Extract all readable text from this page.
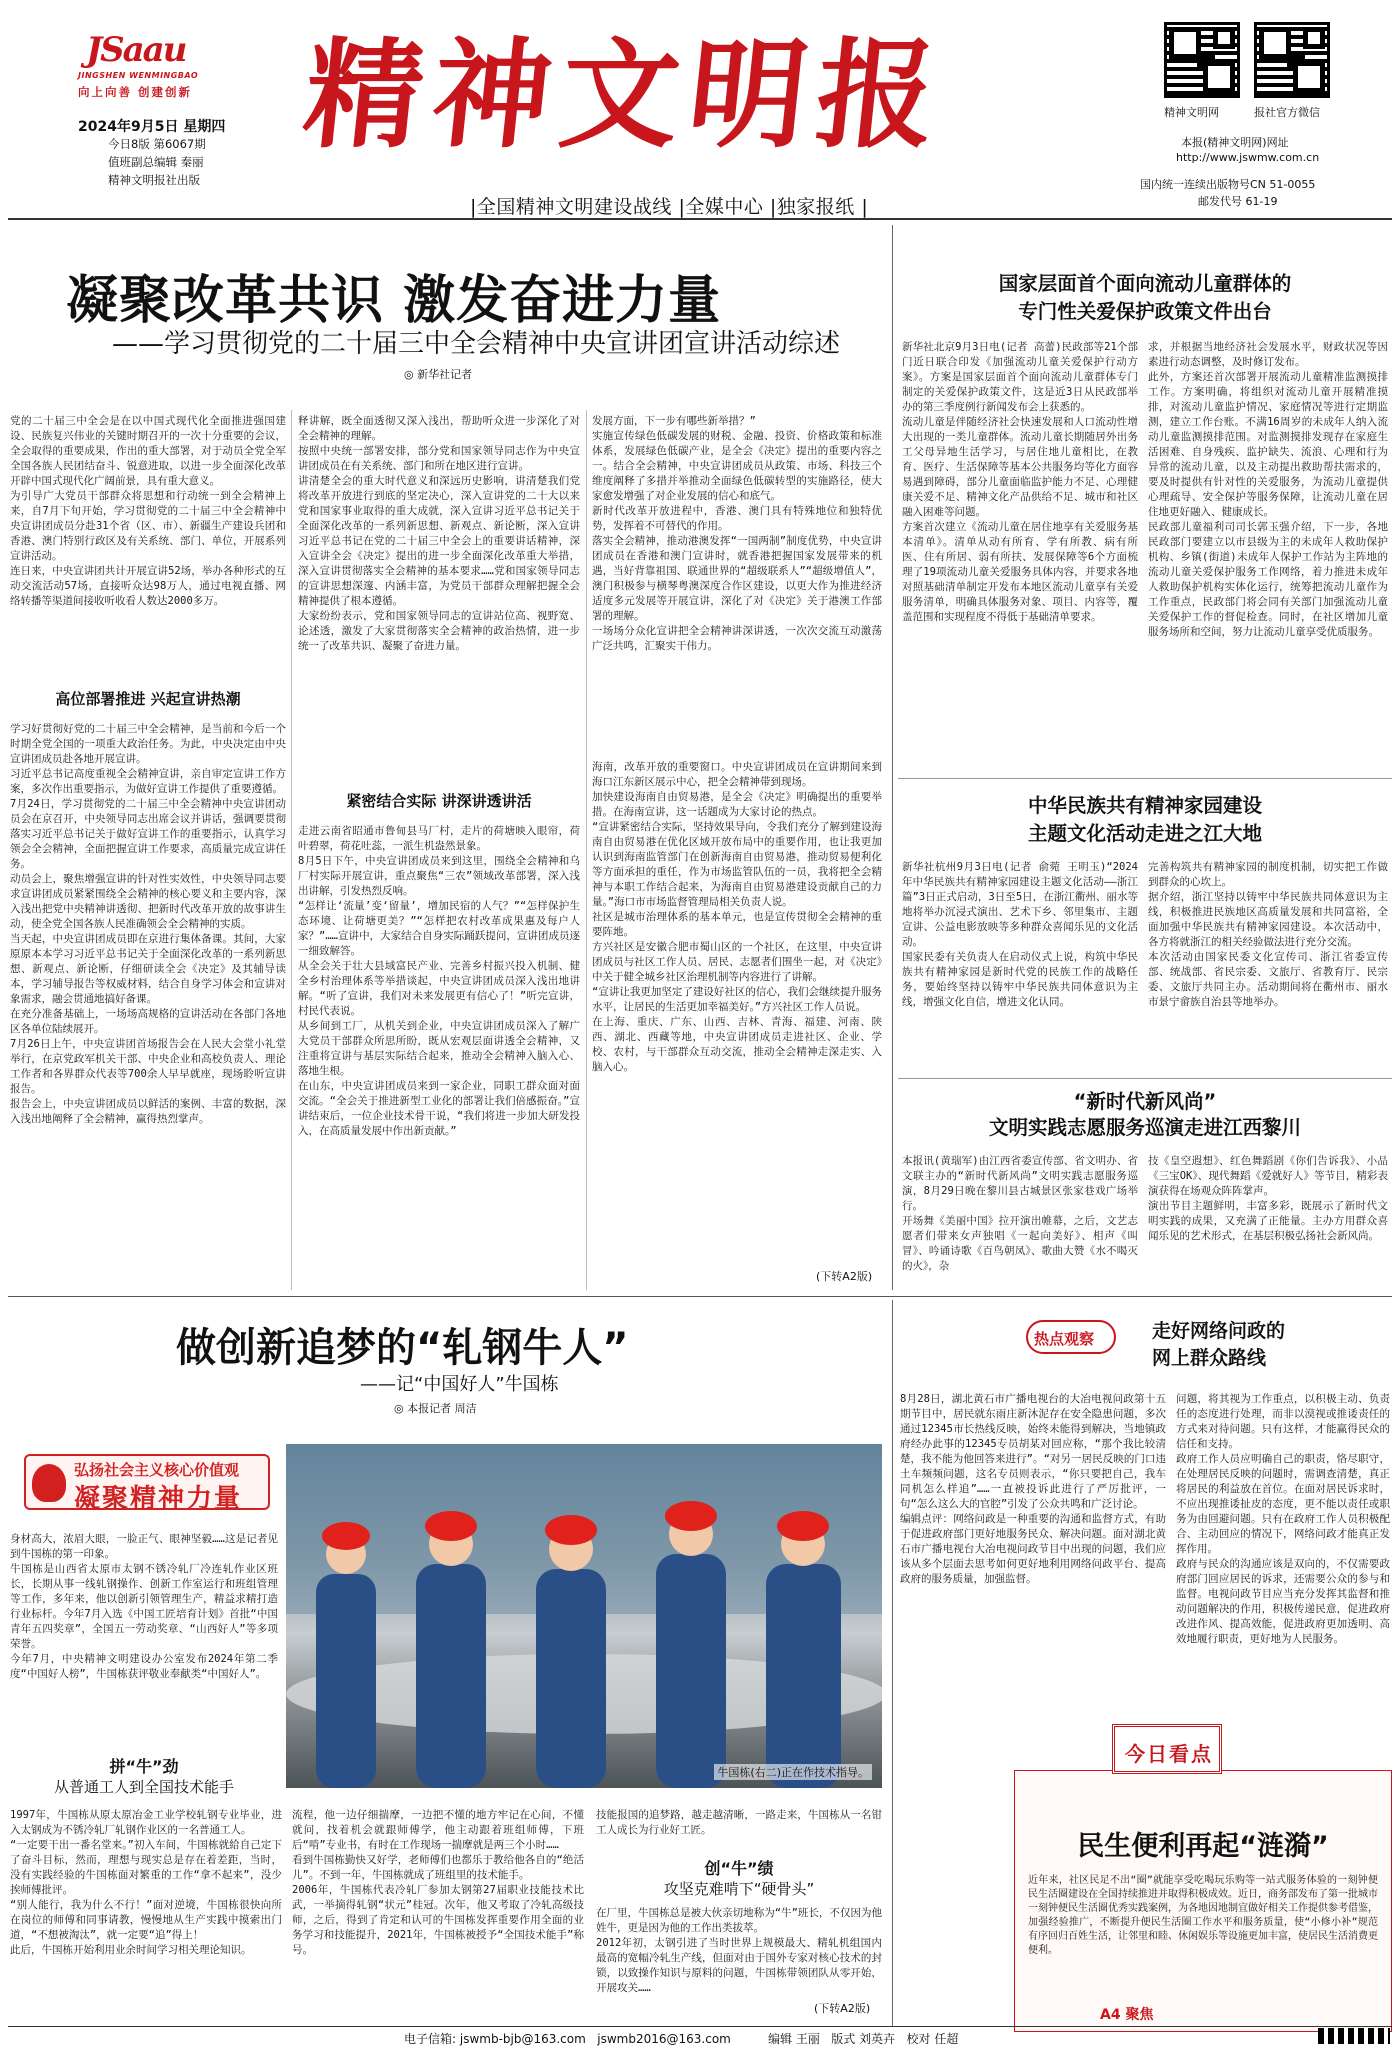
JSaau
JINGSHEN WENMINGBAO
向上向善 创建创新
2024年9月5日 星期四
今日8版 第6067期
值班副总编辑 秦丽
精神文明报社出版
精神文明报
|全国精神文明建设战线 |全媒中心 |独家报纸 |
精神文明网	报社官方微信
本报(精神文明网)网址
http://www.jswmw.com.cn
国内统一连续出版物号CN 51-0055
邮发代号 61-19
凝聚改革共识 激发奋进力量
——学习贯彻党的二十届三中全会精神中央宣讲团宣讲活动综述
◎ 新华社记者
党的二十届三中全会是在以中国式现代化全面推进强国建设、民族复兴伟业的关键时期召开的一次十分重要的会议，全会取得的重要成果，作出的重大部署，对于动员全党全军全国各族人民团结奋斗、锐意进取，以进一步全面深化改革开辟中国式现代化广阔前景，具有重大意义。
为引导广大党员干部群众将思想和行动统一到全会精神上来，自7月下旬开始，学习贯彻党的二十届三中全会精神中央宣讲团成员分赴31个省（区、市）、新疆生产建设兵团和香港、澳门特别行政区及有关系统、部门、单位，开展系列宣讲活动。
连日来，中央宣讲团共计开展宣讲52场，举办各种形式的互动交流活动57场，直接听众达98万人，通过电视直播、网络转播等渠道间接收听收看人数达2000多万。
高位部署推进 兴起宣讲热潮
学习好贯彻好党的二十届三中全会精神，是当前和今后一个时期全党全国的一项重大政治任务。为此，中央决定由中央宣讲团成员赴各地开展宣讲。
习近平总书记高度重视全会精神宣讲，亲自审定宣讲工作方案，多次作出重要指示，为做好宣讲工作提供了重要遵循。
7月24日，学习贯彻党的二十届三中全会精神中央宣讲团动员会在京召开，中央领导同志出席会议并讲话，强调要贯彻落实习近平总书记关于做好宣讲工作的重要指示，认真学习领会全会精神，全面把握宣讲工作要求，高质量完成宣讲任务。
动员会上，聚焦增强宣讲的针对性实效性，中央领导同志要求宣讲团成员紧紧围绕全会精神的核心要义和主要内容，深入浅出把党中央精神讲透彻、把新时代改革开放的故事讲生动，使全党全国各族人民准确领会全会精神的实质。
当天起，中央宣讲团成员即在京进行集体备课。其间，大家原原本本学习习近平总书记关于全面深化改革的一系列新思想、新观点、新论断，仔细研读全会《决定》及其辅导读本，学习辅导报告等权威材料，结合自身学习体会和宣讲对象需求，融会贯通地搞好备课。
在充分准备基础上，一场场高规格的宣讲活动在各部门各地区各单位陆续展开。
7月26日上午，中央宣讲团首场报告会在人民大会堂小礼堂举行，在京党政军机关干部、中央企业和高校负责人、理论工作者和各界群众代表等700余人早早就座，现场聆听宣讲报告。
报告会上，中央宣讲团成员以鲜活的案例、丰富的数据，深入浅出地阐释了全会精神，赢得热烈掌声。
释讲解，既全面透彻又深入浅出，帮助听众进一步深化了对全会精神的理解。
按照中央统一部署安排，部分党和国家领导同志作为中央宣讲团成员在有关系统、部门和所在地区进行宣讲。
讲清楚全会的重大时代意义和深远历史影响，讲清楚我们党将改革开放进行到底的坚定决心，深入宣讲党的二十大以来党和国家事业取得的重大成就，深入宣讲习近平总书记关于全面深化改革的一系列新思想、新观点、新论断，深入宣讲习近平总书记在党的二十届三中全会上的重要讲话精神，深入宣讲全会《决定》提出的进一步全面深化改革重大举措，深入宣讲贯彻落实全会精神的基本要求……党和国家领导同志的宣讲思想深邃、内涵丰富，为党员干部群众理解把握全会精神提供了根本遵循。
大家纷纷表示，党和国家领导同志的宣讲站位高、视野宽、论述透，激发了大家贯彻落实全会精神的政治热情，进一步统一了改革共识、凝聚了奋进力量。
紧密结合实际 讲深讲透讲活
走进云南省昭通市鲁甸县马厂村，走片的荷塘映入眼帘，荷叶碧翠，荷花吐蕊，一派生机盎然景象。
8月5日下午，中央宣讲团成员来到这里，围绕全会精神和乌厂村实际开展宣讲，重点聚焦“三农”领域改革部署，深入浅出讲解，引发热烈反响。
“怎样让‘流量’变‘留量’，增加民宿的人气？”“怎样保护生态环境、让荷塘更美？”“怎样把农村改革成果惠及每户人家？”……宣讲中，大家结合自身实际踊跃提问，宣讲团成员逐一细致解答。
从全会关于壮大县域富民产业、完善乡村振兴投入机制、健全乡村治理体系等举措谈起，中央宣讲团成员深入浅出地讲解。“听了宣讲，我们对未来发展更有信心了！”听完宣讲，村民代表说。
从乡间到工厂，从机关到企业，中央宣讲团成员深入了解广大党员干部群众所思所盼，既从宏观层面讲透全会精神，又注重将宣讲与基层实际结合起来，推动全会精神入脑入心、落地生根。
在山东，中央宣讲团成员来到一家企业，同职工群众面对面交流。“全会关于推进新型工业化的部署让我们倍感振奋。”宣讲结束后，一位企业技术骨干说，“我们将进一步加大研发投入，在高质量发展中作出新贡献。”
发展方面，下一步有哪些新举措？”
实施宣传绿色低碳发展的财税、金融、投资、价格政策和标准体系，发展绿色低碳产业，是全会《决定》提出的重要内容之一。结合全会精神，中央宣讲团成员从政策、市场、科技三个维度阐释了多措并举推动全面绿色低碳转型的实施路径，使大家愈发增强了对企业发展的信心和底气。
新时代改革开放进程中，香港、澳门具有特殊地位和独特优势，发挥着不可替代的作用。
落实全会精神，推动港澳发挥“一国两制”制度优势，中央宣讲团成员在香港和澳门宣讲时，就香港把握国家发展带来的机遇，当好背靠祖国、联通世界的“超级联系人”“超级增值人”，澳门积极参与横琴粤澳深度合作区建设，以更大作为推进经济适度多元发展等开展宣讲，深化了对《决定》关于港澳工作部署的理解。
一场场分众化宣讲把全会精神讲深讲透，一次次交流互动激荡广泛共鸣，汇聚实干伟力。
海南，改革开放的重要窗口。中央宣讲团成员在宣讲期间来到海口江东新区展示中心，把全会精神带到现场。
加快建设海南自由贸易港，是全会《决定》明确提出的重要举措。在海南宣讲，这一话题成为大家讨论的热点。
“宣讲紧密结合实际，坚持效果导向，令我们充分了解到建设海南自由贸易港在优化区域开放布局中的重要作用，也让我更加认识到海南监管部门在创新海南自由贸易港，推动贸易便利化等方面承担的重任，作为市场监管队伍的一员，我将把全会精神与本职工作结合起来，为海南自由贸易港建设贡献自己的力量。”海口市市场监督管理局相关负责人说。
社区是城市治理体系的基本单元，也是宣传贯彻全会精神的重要阵地。
方兴社区是安徽合肥市蜀山区的一个社区，在这里，中央宣讲团成员与社区工作人员、居民、志愿者们围坐一起，对《决定》中关于健全城乡社区治理机制等内容进行了讲解。
“宣讲让我更加坚定了建设好社区的信心，我们会继续提升服务水平，让居民的生活更加幸福美好。”方兴社区工作人员说。
在上海、重庆、广东、山西、吉林、青海、福建、河南、陕西、湖北、西藏等地，中央宣讲团成员走进社区、企业、学校、农村，与干部群众互动交流，推动全会精神走深走实、入脑入心。
(下转A2版)
国家层面首个面向流动儿童群体的
专门性关爱保护政策文件出台
新华社北京9月3日电(记者 高蕾)民政部等21个部门近日联合印发《加强流动儿童关爱保护行动方案》。方案是国家层面首个面向流动儿童群体专门制定的关爱保护政策文件，这是近3日从民政部举办的第三季度例行新闻发布会上获悉的。
流动儿童是伴随经济社会快速发展和人口流动性增大出现的一类儿童群体。流动儿童长期随居外出务工父母异地生活学习，与居住地儿童相比，在教育、医疗、生活保障等基本公共服务均等化方面容易遇到障碍，部分儿童面临监护能力不足、心理健康关爱不足、精神文化产品供给不足、城市和社区融入困难等问题。
方案首次建立《流动儿童在居住地享有关爱服务基本清单》。清单从动有所育、学有所教、病有所医、住有所居、弱有所扶、发展保障等6个方面梳理了19项流动儿童关爱服务具体内容，并要求各地对照基础清单制定开发布本地区流动儿童享有关爱服务清单，明确具体服务对象、项目、内容等，覆盖范围和实现程度不得低于基础清单要求。
求，并根据当地经济社会发展水平，财政状况等因素进行动态调整，及时修订发布。
此外，方案还首次部署开展流动儿童精准监测摸排工作。方案明确，将组织对流动儿童开展精准摸排，对流动儿童监护情况、家庭情况等进行定期监测，建立工作台账。不满16周岁的未成年人纳入流动儿童监测摸排范围。对监测摸排发现存在家庭生活困难、自身残疾、监护缺失、流浪、心理和行为异常的流动儿童，以及主动提出救助帮扶需求的，要及时提供有针对性的关爱服务，为流动儿童提供心理疏导、安全保护等服务保障，让流动儿童在居住地更好融入、健康成长。
民政部儿童福利司司长郭玉强介绍，下一步，各地民政部门要建立以市县级为主的未成年人救助保护机构、乡镇(街道)未成年人保护工作站为主阵地的流动儿童关爱保护服务工作网络，着力推进未成年人救助保护机构实体化运行，统筹把流动儿童作为工作重点，民政部门将会同有关部门加强流动儿童关爱保护工作的督促检查。同时，在社区增加儿童服务场所和空间，努力让流动儿童享受优质服务。
中华民族共有精神家园建设
主题文化活动走进之江大地
新华社杭州9月3日电(记者 俞菀 王明玉)“2024年中华民族共有精神家园建设主题文化活动——浙江篇”3日正式启动，3日至5日，在浙江衢州、丽水等地将举办沉浸式演出、艺术下乡、邻里集市、主题宣讲、公益电影放映等多种群众喜闻乐见的文化活动。
国家民委有关负责人在启动仪式上说，构筑中华民族共有精神家园是新时代党的民族工作的战略任务，要始终坚持以铸牢中华民族共同体意识为主线，增强文化自信，增进文化认同。
完善构筑共有精神家园的制度机制，切实把工作做到群众的心坎上。
据介绍，浙江坚持以铸牢中华民族共同体意识为主线，积极推进民族地区高质量发展和共同富裕，全面加强中华民族共有精神家园建设。本次活动中，各方将就浙江的相关经验做法进行充分交流。
本次活动由国家民委文化宣传司、浙江省委宣传部、统战部、省民宗委、文旅厅、省教育厅、民宗委、文旅厅共同主办。活动期间将在衢州市、丽水市景宁畲族自治县等地举办。
“新时代新风尚”
文明实践志愿服务巡演走进江西黎川
本报讯(黄瑞军)由江西省委宣传部、省文明办、省文联主办的“新时代新风尚”文明实践志愿服务巡演，8月29日晚在黎川县古城景区张家巷戏广场举行。
开场舞《美丽中国》拉开演出帷幕，之后，文艺志愿者们带来女声独唱《一起向美好》、相声《叫冒》、吟诵诗歌《百鸟朝凤》、歌曲大赞《水不喝灭的火》，杂
技《皇空遐想》、红色舞蹈剧《你们告诉我》、小品《三宝OK》、现代舞蹈《爱就好人》等节目，精彩表演获得在场观众阵阵掌声。
演出节目主题鲜明，丰富多彩，既展示了新时代文明实践的成果，又充满了正能量。主办方用群众喜闻乐见的艺术形式，在基层积极弘扬社会新风尚。
做创新追梦的“轧钢牛人”
——记“中国好人”牛国栋
◎ 本报记者 周洁
弘扬社会主义核心价值观
凝聚精神力量
身材高大，浓眉大眼，一脸正气、眼神坚毅……这是记者见到牛国栋的第一印象。
牛国栋是山西省太原市太钢不锈冷轧厂冷连轧作业区班长，长期从事一线轧钢操作、创新工作室运行和班组管理等工作，多年来，他以创新引领管理生产，精益求精打造行业标杆。今年7月入选《中国工匠培育计划》首批“中国青年五四奖章”，全国五一劳动奖章、“山西好人”等多项荣誉。
今年7月，中央精神文明建设办公室发布2024年第二季度“中国好人榜”，牛国栋获评敬业奉献类“中国好人”。
拼“牛”劲
从普通工人到全国技术能手
牛国栋(右二)正在作技术指导。
1997年，牛国栋从原太原冶金工业学校轧钢专业毕业，进入太钢成为不锈冷轧厂轧钢作业区的一名普通工人。
“一定要干出一番名堂来。”初入车间，牛国栋就給自己定下了奋斗目标，然而，理想与现实总是存在着差距，当时，没有实践经验的牛国栋面对繁重的工作“拿不起来”，没少挨师傅批评。
“别人能行，我为什么不行！”面对逆境，牛国栋很快向所在岗位的师傅和同事请教，慢慢地从生产实践中摸索出门道，“不想被淘汰”，就一定要“追”得上！
此后，牛国栋开始利用业余时间学习相关理论知识。
流程，他一边仔细揣摩，一边把不懂的地方牢记在心间，不懂就问，找着机会就跟师傅学，他主动跟着班组师傅，下班后“啃”专业书，有时在工作现场一揣摩就是两三个小时……
看到牛国栋勤快又好学，老师傅们也都乐于教给他各自的“绝活儿”。不到一年，牛国栋就成了班组里的技术能手。
2006年，牛国栋代表冷轧厂参加太钢第27届职业技能技术比武，一举摘得轧钢“状元”桂冠。次年，他又考取了冷轧高级技师，之后，得到了肯定和认可的牛国栋发挥重要作用全面的业务学习和技能提升，2021年，牛国栋被授予“全国技术能手”称号。
技能报国的追梦路，越走越清晰，一路走来，牛国栋从一名钳工人成长为行业好工匠。
创“牛”绩
攻坚克难啃下“硬骨头”
在厂里，牛国栋总是被大伙亲切地称为“牛”班长，不仅因为他姓牛，更是因为他的工作出类拔萃。
2012年初，太钢引进了当时世界上规模最大、精轧机组国内最高的宽幅冷轧生产线，但面对由于国外专家对核心技术的封锁，以致操作知识与原料的问题，牛国栋带领团队从零开始，开展攻关……
(下转A2版)
热点观察	走好网络问政的
网上群众路线
8月28日，湖北黄石市广播电视台的大冶电视问政第十五期节目中，居民就东雨庄新沐泥存在安全隐患问题，多次通过12345市长热线反映，始终未能得到解决，当地镇政府经办此事的12345专员胡某对回应称，“那个我比较清楚，我不能为他回答来进行”。“对另一居民反映的门口违土车频频问题，这名专员则表示，“你只要把自己，我车同机怎么样追”……一直被投诉此进行了严厉批评，一句“怎么这么大的官腔”引发了公众共鸣和广泛讨论。
编辑点评：网络问政是一种重要的沟通和监督方式，有助于促进政府部门更好地服务民众、解决问题。面对湖北黄石市广播电视台大冶电视问政节目中出现的问题，我们应该从多个层面去思考如何更好地利用网络问政平台、提高政府的服务质量，加强监督。
问题，将其视为工作重点，以积极主动、负责任的态度进行处理，而非以漠视或推诿责任的方式来对待问题。只有这样，才能赢得民众的信任和支持。
政府工作人员应明确自己的职责，恪尽职守，在处理居民反映的问题时，需调查清楚，真正将居民的利益放在首位。在面对居民诉求时，不应出现推诿扯皮的态度，更不能以责任或职务为由回避问题。只有在政府工作人员积极配合、主动回应的情况下，网络问政才能真正发挥作用。
政府与民众的沟通应该是双向的，不仅需要政府部门回应居民的诉求，还需要公众的参与和监督。电视问政节目应当充分发挥其监督和推动问题解决的作用，积极传递民意，促进政府改进作风、提高效能，促进政府更加透明、高效地履行职责，更好地为人民服务。
今日看点
民生便利再起“涟漪”
近年来，社区民足不出“圈”就能享受吃喝玩乐购等一站式服务体验的一刻钟便民生活圈建设在全国持续推进并取得积极成效。近日，商务部发布了第一批城市一刻钟便民生活圈优秀实践案例，为各地因地制宜做好相关工作提供参考借鉴，加强经验推广，不断提升便民生活圈工作水平和服务质量，使“小修小补”规范有序回归百姓生活，让邻里和睦、休闲娱乐等设施更加丰富，使居民生活消费更便利。
A4 聚焦
电子信箱: jswmb-bjb@163.com   jswmb2016@163.com	编辑 王丽   版式 刘英卉   校对 任超
